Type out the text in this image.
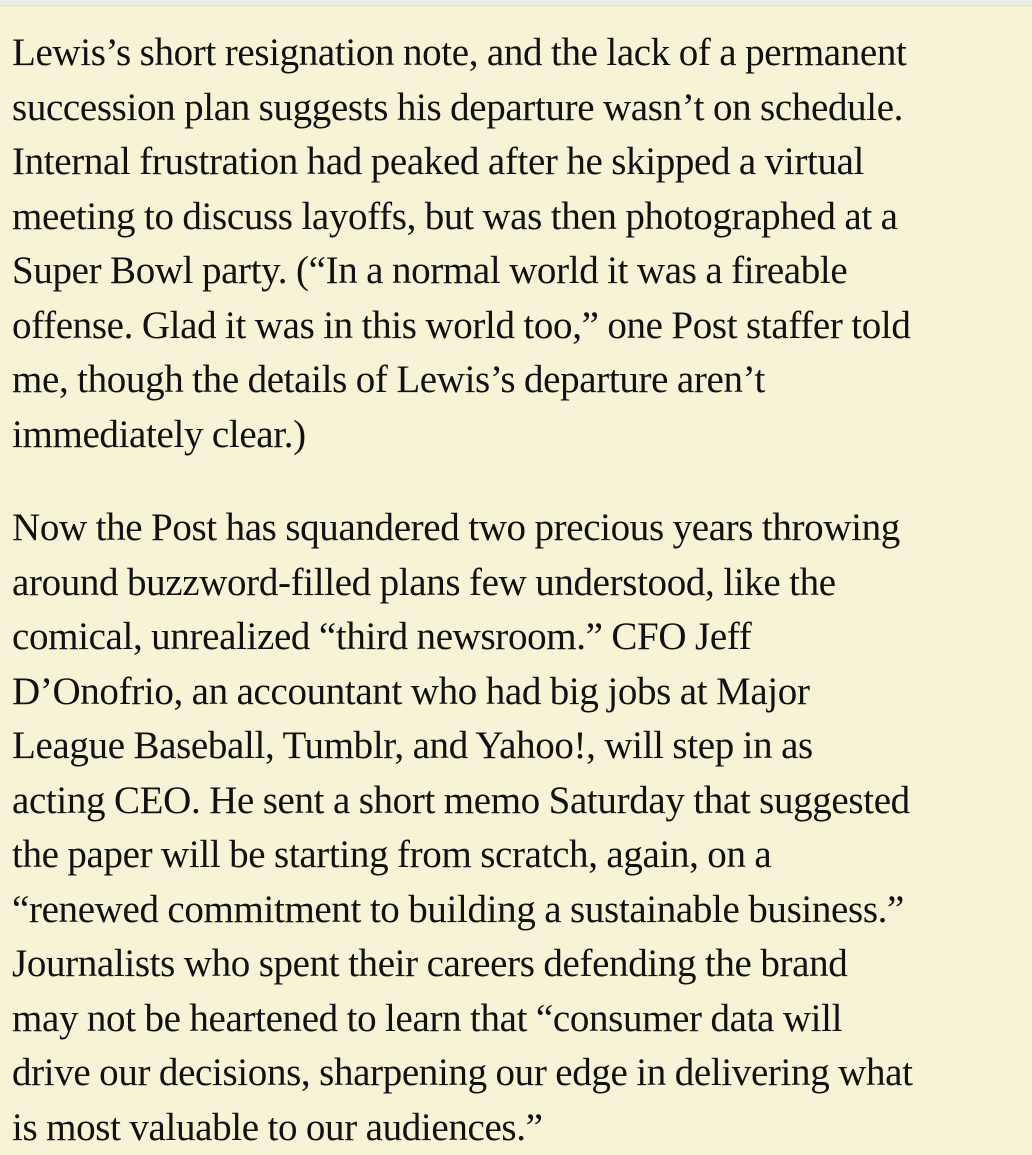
Lewis’s short resignation note, and the lack of a permanent
succession plan suggests his departure wasn’t on schedule.
Internal frustration had peaked after he skipped a virtual
meeting to discuss layoffs, but was then photographed at a
Super Bowl party. (“In a normal world it was a fireable
offense. Glad it was in this world too,” one Post staffer told
me, though the details of Lewis’s departure aren’t
immediately clear.)

Now the Post has squandered two precious years throwing
around buzzword-filled plans few understood, like the
comical, unrealized “third newsroom.” CFO Jeff
D’Onofrio, an accountant who had big jobs at Major
League Baseball, Tumblr, and Yahoo!, will step in as
acting CEO. He sent a short memo Saturday that suggested
the paper will be starting from scratch, again, on a
“renewed commitment to building a sustainable business.”
Journalists who spent their careers defending the brand
may not be heartened to learn that “consumer data will
drive our decisions, sharpening our edge in delivering what
is most valuable to our audiences.”
